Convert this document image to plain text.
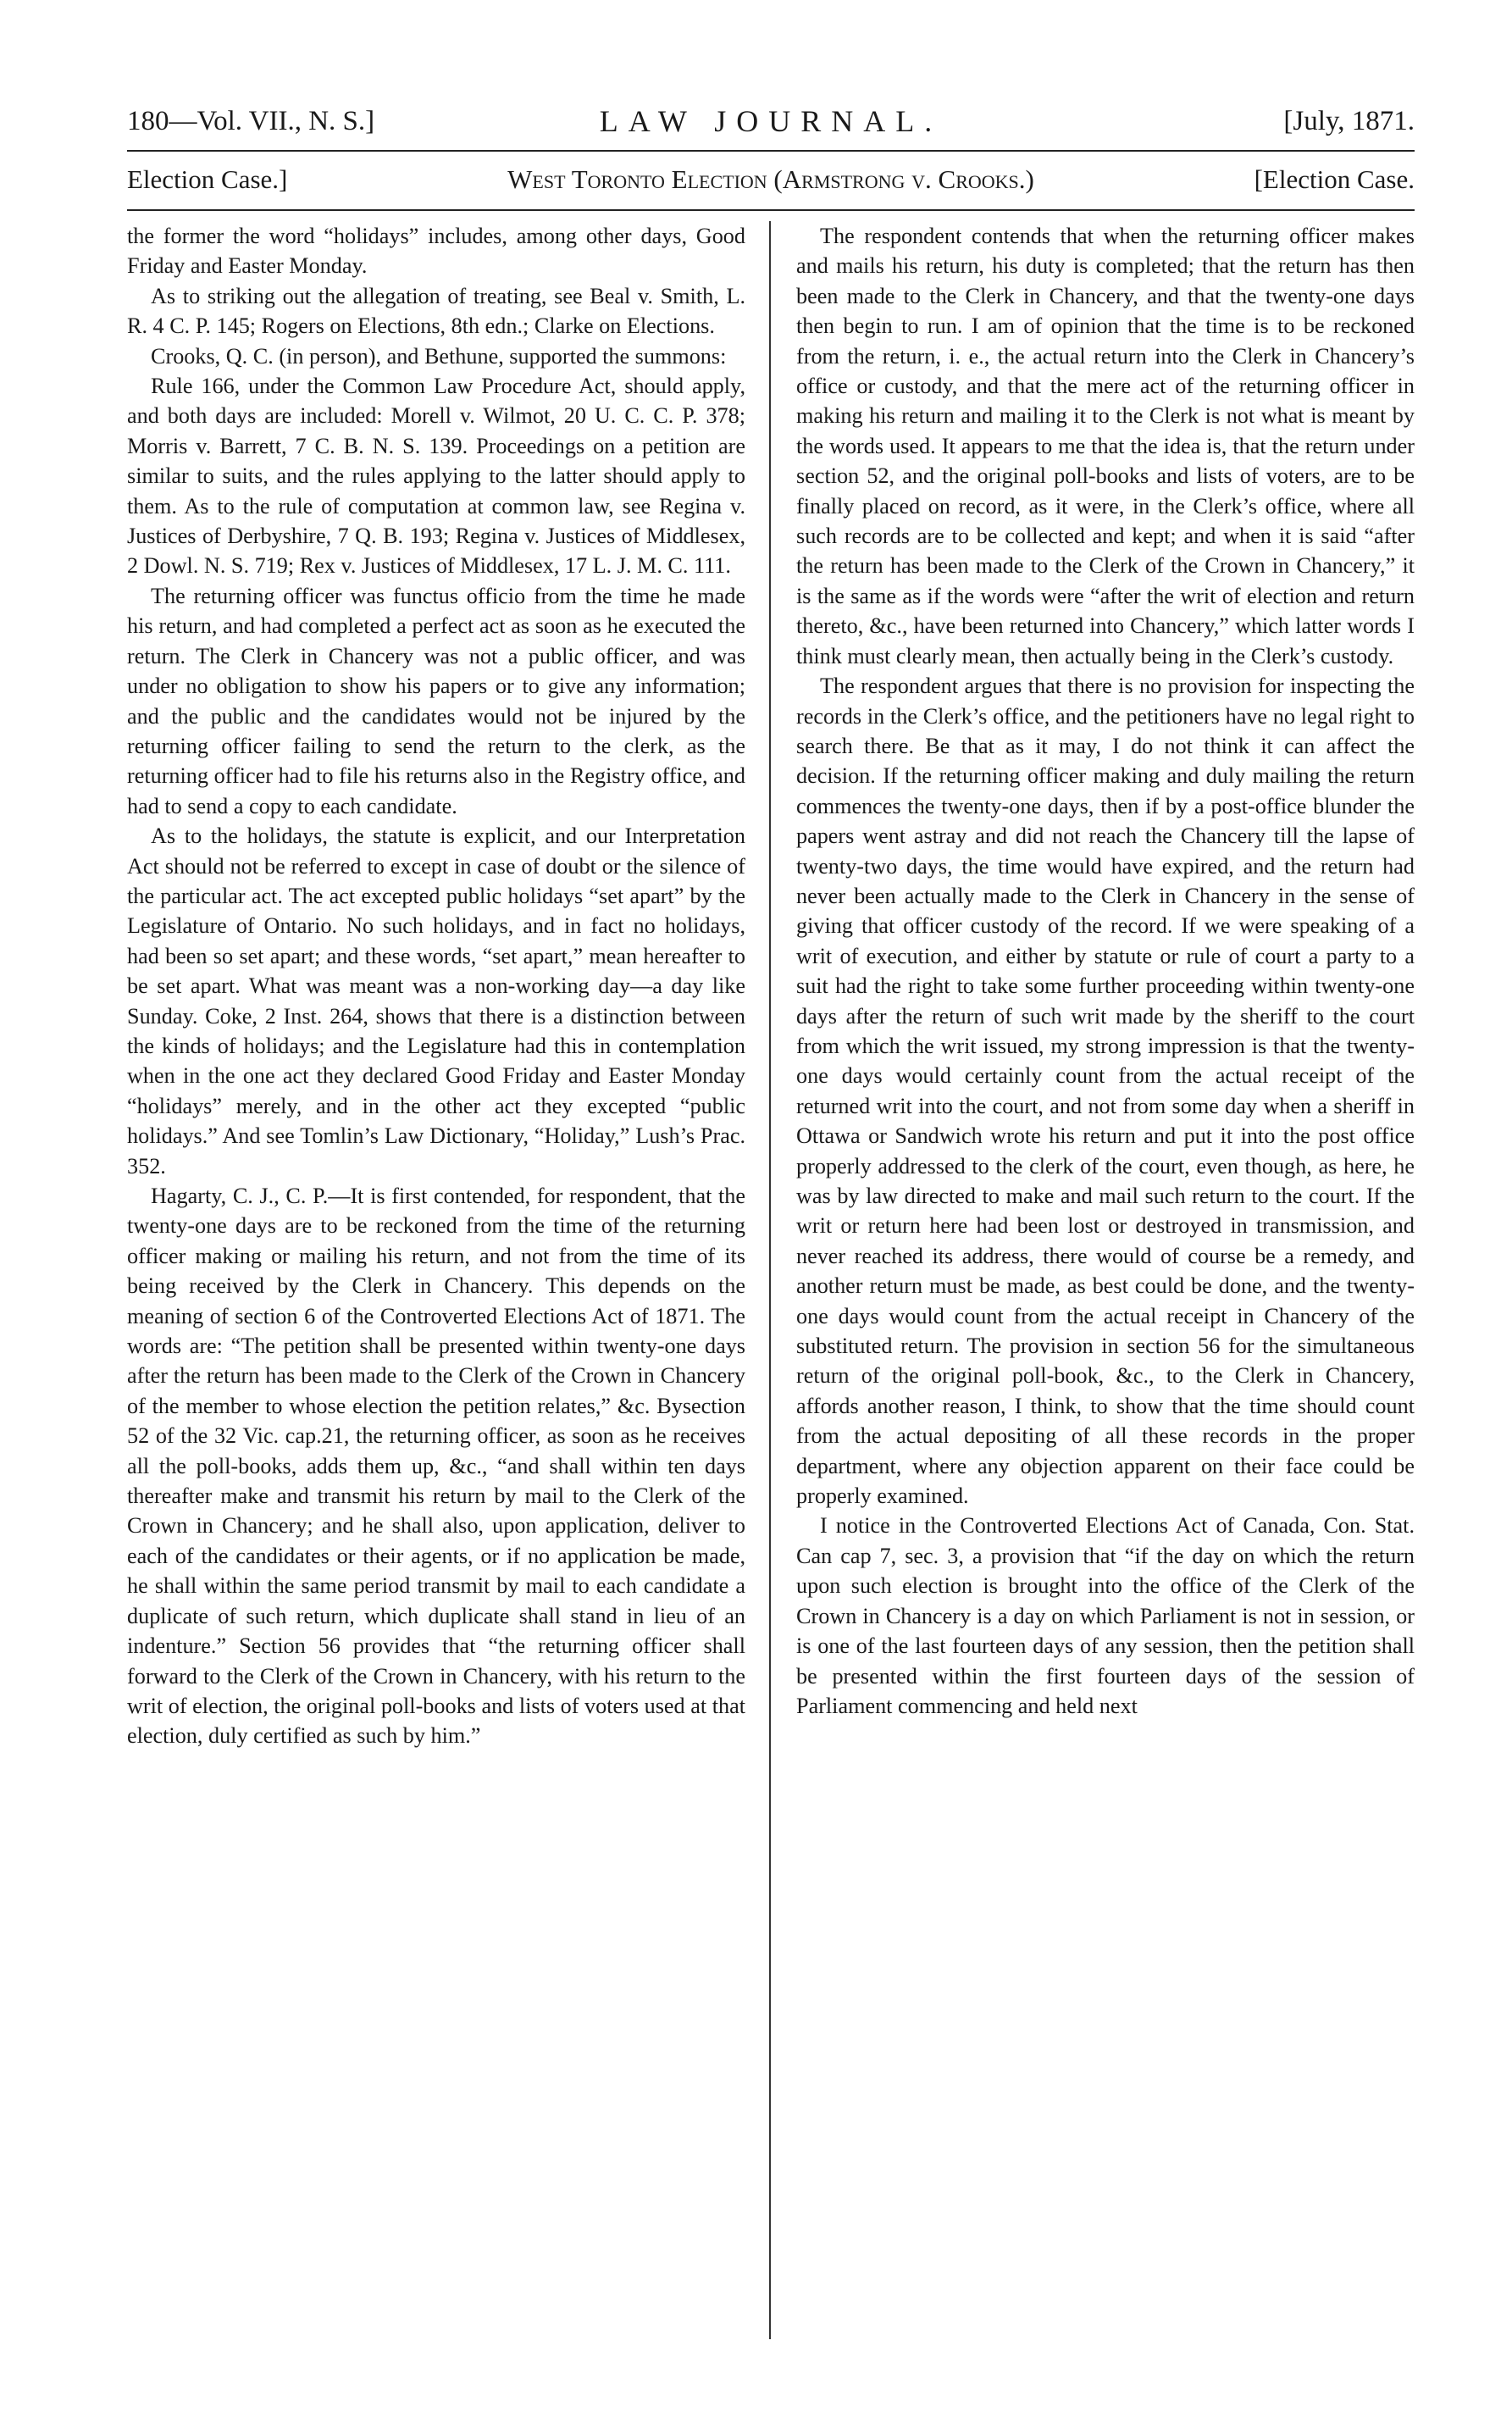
180—Vol. VII., N. S.]	LAW JOURNAL.	[July, 1871.
Election Case.]	West Toronto Election (Armstrong v. Crooks.)	[Election Case.

the former the word “holidays” includes, among other days, Good Friday and Easter Monday.

As to striking out the allegation of treating, see Beal v. Smith, L. R. 4 C. P. 145; Rogers on Elections, 8th edn.; Clarke on Elections.

Crooks, Q. C. (in person), and Bethune, supported the summons:

Rule 166, under the Common Law Procedure Act, should apply, and both days are included: Morell v. Wilmot, 20 U. C. C. P. 378; Morris v. Barrett, 7 C. B. N. S. 139. Proceedings on a petition are similar to suits, and the rules applying to the latter should apply to them. As to the rule of computation at common law, see Regina v. Justices of Derbyshire, 7 Q. B. 193; Regina v. Justices of Middlesex, 2 Dowl. N. S. 719; Rex v. Justices of Middlesex, 17 L. J. M. C. 111.

The returning officer was functus officio from the time he made his return, and had completed a perfect act as soon as he executed the return. The Clerk in Chancery was not a public officer, and was under no obligation to show his papers or to give any information; and the public and the candidates would not be injured by the returning officer failing to send the return to the clerk, as the returning officer had to file his returns also in the Registry office, and had to send a copy to each candidate.

As to the holidays, the statute is explicit, and our Interpretation Act should not be referred to except in case of doubt or the silence of the particular act. The act excepted public holidays “set apart” by the Legislature of Ontario. No such holidays, and in fact no holidays, had been so set apart; and these words, “set apart,” mean hereafter to be set apart. What was meant was a non-working day—a day like Sunday. Coke, 2 Inst. 264, shows that there is a distinction between the kinds of holidays; and the Legislature had this in contemplation when in the one act they declared Good Friday and Easter Monday “holidays” merely, and in the other act they excepted “public holidays.” And see Tomlin’s Law Dictionary, “Holiday,” Lush’s Prac. 352.

Hagarty, C. J., C. P.—It is first contended, for respondent, that the twenty-one days are to be reckoned from the time of the returning officer making or mailing his return, and not from the time of its being received by the Clerk in Chancery. This depends on the meaning of section 6 of the Controverted Elections Act of 1871. The words are: “The petition shall be presented within twenty-one days after the return has been made to the Clerk of the Crown in Chancery of the member to whose election the petition relates,” &c. Bysection 52 of the 32 Vic. cap.21, the returning officer, as soon as he receives all the poll-books, adds them up, &c., “and shall within ten days thereafter make and transmit his return by mail to the Clerk of the Crown in Chancery; and he shall also, upon application, deliver to each of the candidates or their agents, or if no application be made, he shall within the same period transmit by mail to each candidate a duplicate of such return, which duplicate shall stand in lieu of an indenture.” Section 56 provides that “the returning officer shall forward to the Clerk of the Crown in Chancery, with his return to the writ of election, the original poll-books and lists of voters used at that election, duly certified as such by him.”

The respondent contends that when the returning officer makes and mails his return, his duty is completed; that the return has then been made to the Clerk in Chancery, and that the twenty-one days then begin to run. I am of opinion that the time is to be reckoned from the return, i. e., the actual return into the Clerk in Chancery’s office or custody, and that the mere act of the returning officer in making his return and mailing it to the Clerk is not what is meant by the words used. It appears to me that the idea is, that the return under section 52, and the original poll-books and lists of voters, are to be finally placed on record, as it were, in the Clerk’s office, where all such records are to be collected and kept; and when it is said “after the return has been made to the Clerk of the Crown in Chancery,” it is the same as if the words were “after the writ of election and return thereto, &c., have been returned into Chancery,” which latter words I think must clearly mean, then actually being in the Clerk’s custody.

The respondent argues that there is no provision for inspecting the records in the Clerk’s office, and the petitioners have no legal right to search there. Be that as it may, I do not think it can affect the decision. If the returning officer making and duly mailing the return commences the twenty-one days, then if by a post-office blunder the papers went astray and did not reach the Chancery till the lapse of twenty-two days, the time would have expired, and the return had never been actually made to the Clerk in Chancery in the sense of giving that officer custody of the record. If we were speaking of a writ of execution, and either by statute or rule of court a party to a suit had the right to take some further proceeding within twenty-one days after the return of such writ made by the sheriff to the court from which the writ issued, my strong impression is that the twenty-one days would certainly count from the actual receipt of the returned writ into the court, and not from some day when a sheriff in Ottawa or Sandwich wrote his return and put it into the post office properly addressed to the clerk of the court, even though, as here, he was by law directed to make and mail such return to the court. If the writ or return here had been lost or destroyed in transmission, and never reached its address, there would of course be a remedy, and another return must be made, as best could be done, and the twenty-one days would count from the actual receipt in Chancery of the substituted return. The provision in section 56 for the simultaneous return of the original poll-book, &c., to the Clerk in Chancery, affords another reason, I think, to show that the time should count from the actual depositing of all these records in the proper department, where any objection apparent on their face could be properly examined.

I notice in the Controverted Elections Act of Canada, Con. Stat. Can cap 7, sec. 3, a provision that “if the day on which the return upon such election is brought into the office of the Clerk of the Crown in Chancery is a day on which Parliament is not in session, or is one of the last fourteen days of any session, then the petition shall be presented within the first fourteen days of the session of Parliament commencing and held next
